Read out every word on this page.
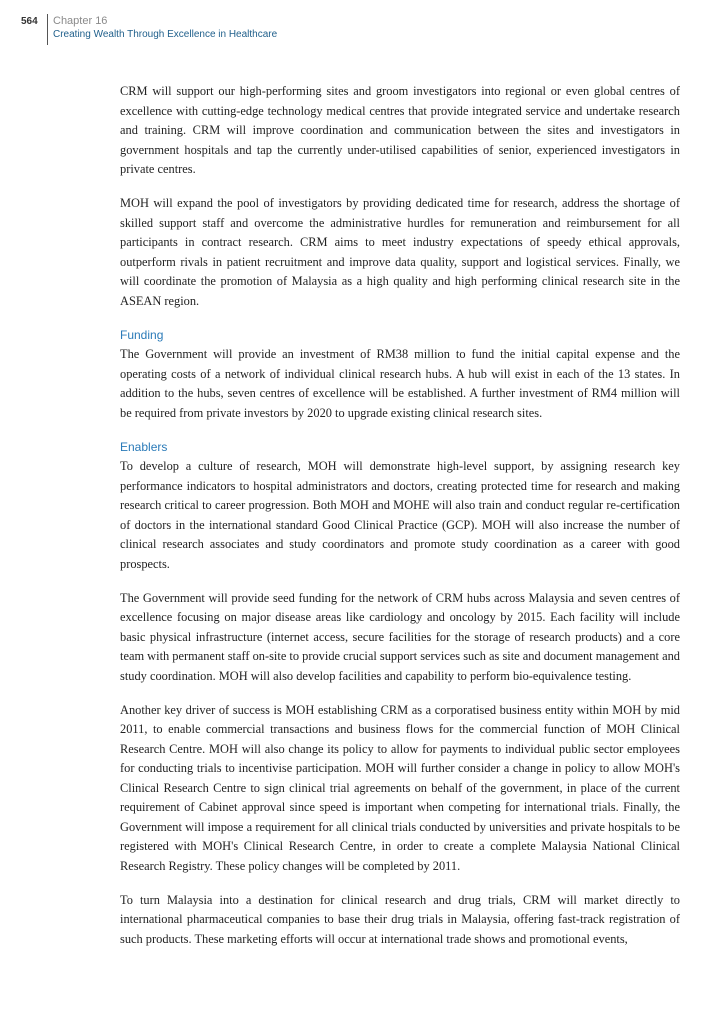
564 Chapter 16
Creating Wealth Through Excellence in Healthcare

CRM will support our high-performing sites and groom investigators into regional or even global centres of excellence with cutting-edge technology medical centres that provide integrated service and undertake research and training. CRM will improve coordination and communication between the sites and investigators in government hospitals and tap the currently under-utilised capabilities of senior, experienced investigators in private centres.

MOH will expand the pool of investigators by providing dedicated time for research, address the shortage of skilled support staff and overcome the administrative hurdles for remuneration and reimbursement for all participants in contract research. CRM aims to meet industry expectations of speedy ethical approvals, outperform rivals in patient recruitment and improve data quality, support and logistical services. Finally, we will coordinate the promotion of Malaysia as a high quality and high performing clinical research site in the ASEAN region.

Funding

The Government will provide an investment of RM38 million to fund the initial capital expense and the operating costs of a network of individual clinical research hubs. A hub will exist in each of the 13 states. In addition to the hubs, seven centres of excellence will be established. A further investment of RM4 million will be required from private investors by 2020 to upgrade existing clinical research sites.

Enablers

To develop a culture of research, MOH will demonstrate high-level support, by assigning research key performance indicators to hospital administrators and doctors, creating protected time for research and making research critical to career progression. Both MOH and MOHE will also train and conduct regular re-certification of doctors in the international standard Good Clinical Practice (GCP). MOH will also increase the number of clinical research associates and study coordinators and promote study coordination as a career with good prospects.

The Government will provide seed funding for the network of CRM hubs across Malaysia and seven centres of excellence focusing on major disease areas like cardiology and oncology by 2015. Each facility will include basic physical infrastructure (internet access, secure facilities for the storage of research products) and a core team with permanent staff on-site to provide crucial support services such as site and document management and study coordination. MOH will also develop facilities and capability to perform bio-equivalence testing.

Another key driver of success is MOH establishing CRM as a corporatised business entity within MOH by mid 2011, to enable commercial transactions and business flows for the commercial function of MOH Clinical Research Centre. MOH will also change its policy to allow for payments to individual public sector employees for conducting trials to incentivise participation. MOH will further consider a change in policy to allow MOH's Clinical Research Centre to sign clinical trial agreements on behalf of the government, in place of the current requirement of Cabinet approval since speed is important when competing for international trials. Finally, the Government will impose a requirement for all clinical trials conducted by universities and private hospitals to be registered with MOH's Clinical Research Centre, in order to create a complete Malaysia National Clinical Research Registry. These policy changes will be completed by 2011.

To turn Malaysia into a destination for clinical research and drug trials, CRM will market directly to international pharmaceutical companies to base their drug trials in Malaysia, offering fast-track registration of such products. These marketing efforts will occur at international trade shows and promotional events,
